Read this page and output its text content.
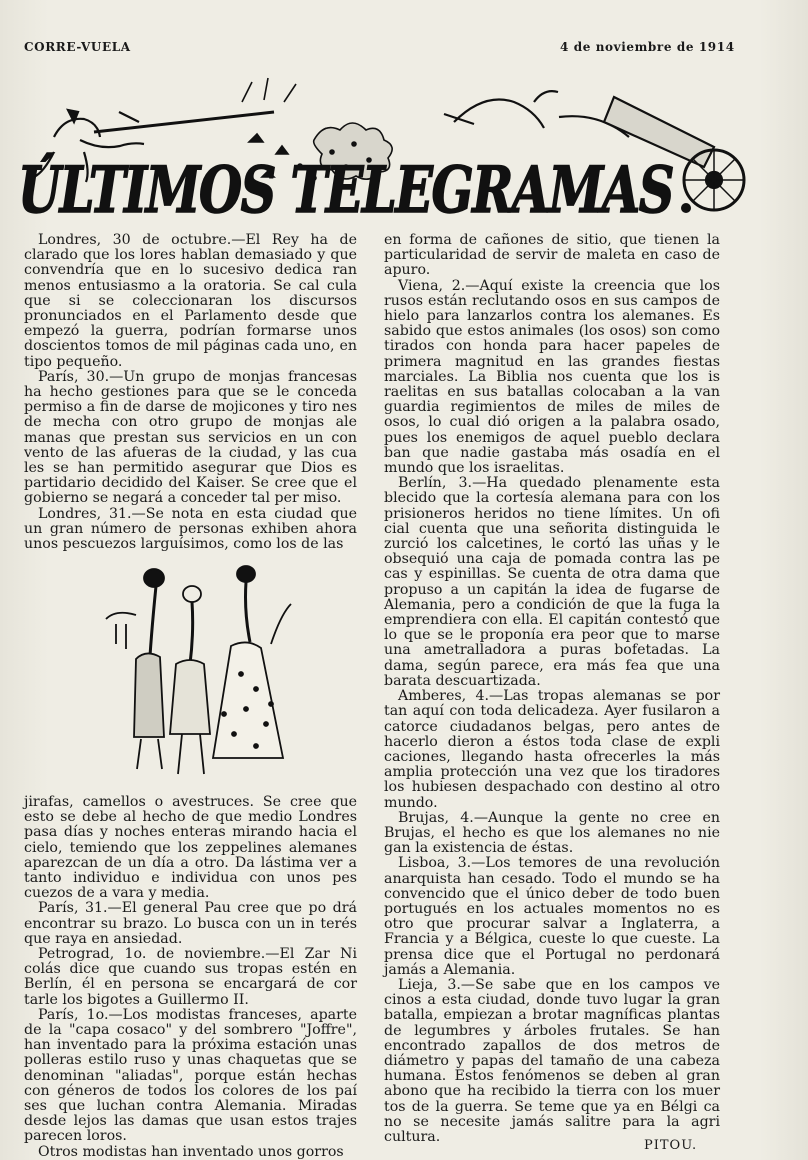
CORRE-VUELA	4 de noviembre de 1914
ÚLTIMOS TELEGRAMAS

Londres, 30 de octubre.—El Rey ha de clarado que los lores hablan demasiado y que convendría que en lo sucesivo dedica ran menos entusiasmo a la oratoria. Se cal cula que si se coleccionaran los discursos pronunciados en el Parlamento desde que empezó la guerra, podrían formarse unos doscientos tomos de mil páginas cada uno, en tipo pequeño.

París, 30.—Un grupo de monjas francesas ha hecho gestiones para que se le conceda permiso a fin de darse de mojicones y tiro nes de mecha con otro grupo de monjas ale manas que prestan sus servicios en un con vento de las afueras de la ciudad, y las cua les se han permitido asegurar que Dios es partidario decidido del Kaiser. Se cree que el gobierno se negará a conceder tal per miso.

Londres, 31.—Se nota en esta ciudad que un gran número de personas exhiben ahora unos pescuezos larguísimos, como los de las

jirafas, camellos o avestruces. Se cree que esto se debe al hecho de que medio Londres pasa días y noches enteras mirando hacia el cielo, temiendo que los zeppelines alemanes aparezcan de un día a otro. Da lástima ver a tanto individuo e individua con unos pes cuezos de a vara y media.

París, 31.—El general Pau cree que po drá encontrar su brazo. Lo busca con un in terés que raya en ansiedad.

Petrograd, 1o. de noviembre.—El Zar Ni colás dice que cuando sus tropas estén en Berlín, él en persona se encargará de cor tarle los bigotes a Guillermo II.

París, 1o.—Los modistas franceses, aparte de la "capa cosaco" y del sombrero "Joffre", han inventado para la próxima estación unas polleras estilo ruso y unas chaquetas que se denominan "aliadas", porque están hechas con géneros de todos los colores de los paí ses que luchan contra Alemania. Miradas desde lejos las damas que usan estos trajes parecen loros.

Otros modistas han inventado unos gorros

en forma de cañones de sitio, que tienen la particularidad de servir de maleta en caso de apuro.

Viena, 2.—Aquí existe la creencia que los rusos están reclutando osos en sus campos de hielo para lanzarlos contra los alemanes. Es sabido que estos animales (los osos) son como tirados con honda para hacer papeles de primera magnitud en las grandes fiestas marciales. La Biblia nos cuenta que los is raelitas en sus batallas colocaban a la van guardia regimientos de miles de miles de osos, lo cual dió origen a la palabra osado, pues los enemigos de aquel pueblo declara ban que nadie gastaba más osadía en el mundo que los israelitas.

Berlín, 3.—Ha quedado plenamente esta blecido que la cortesía alemana para con los prisioneros heridos no tiene límites. Un ofi cial cuenta que una señorita distinguida le zurció los calcetines, le cortó las uñas y le obsequió una caja de pomada contra las pe cas y espinillas. Se cuenta de otra dama que propuso a un capitán la idea de fugarse de Alemania, pero a condición de que la fuga la emprendiera con ella. El capitán contestó que lo que se le proponía era peor que to marse una ametralladora a puras bofetadas. La dama, según parece, era más fea que una barata descuartizada.

Amberes, 4.—Las tropas alemanas se por tan aquí con toda delicadeza. Ayer fusilaron a catorce ciudadanos belgas, pero antes de hacerlo dieron a éstos toda clase de expli caciones, llegando hasta ofrecerles la más amplia protección una vez que los tiradores los hubiesen despachado con destino al otro mundo.

Brujas, 4.—Aunque la gente no cree en Brujas, el hecho es que los alemanes no nie gan la existencia de éstas.

Lisboa, 3.—Los temores de una revolución anarquista han cesado. Todo el mundo se ha convencido que el único deber de todo buen portugués en los actuales momentos no es otro que procurar salvar a Inglaterra, a Francia y a Bélgica, cueste lo que cueste. La prensa dice que el Portugal no perdonará jamás a Alemania.

Lieja, 3.—Se sabe que en los campos ve cinos a esta ciudad, donde tuvo lugar la gran batalla, empiezan a brotar magníficas plantas de legumbres y árboles frutales. Se han encontrado zapallos de dos metros de diámetro y papas del tamaño de una cabeza humana. Estos fenómenos se deben al gran abono que ha recibido la tierra con los muer tos de la guerra. Se teme que ya en Bélgi ca no se necesite jamás salitre para la agri cultura.

PITOU.
